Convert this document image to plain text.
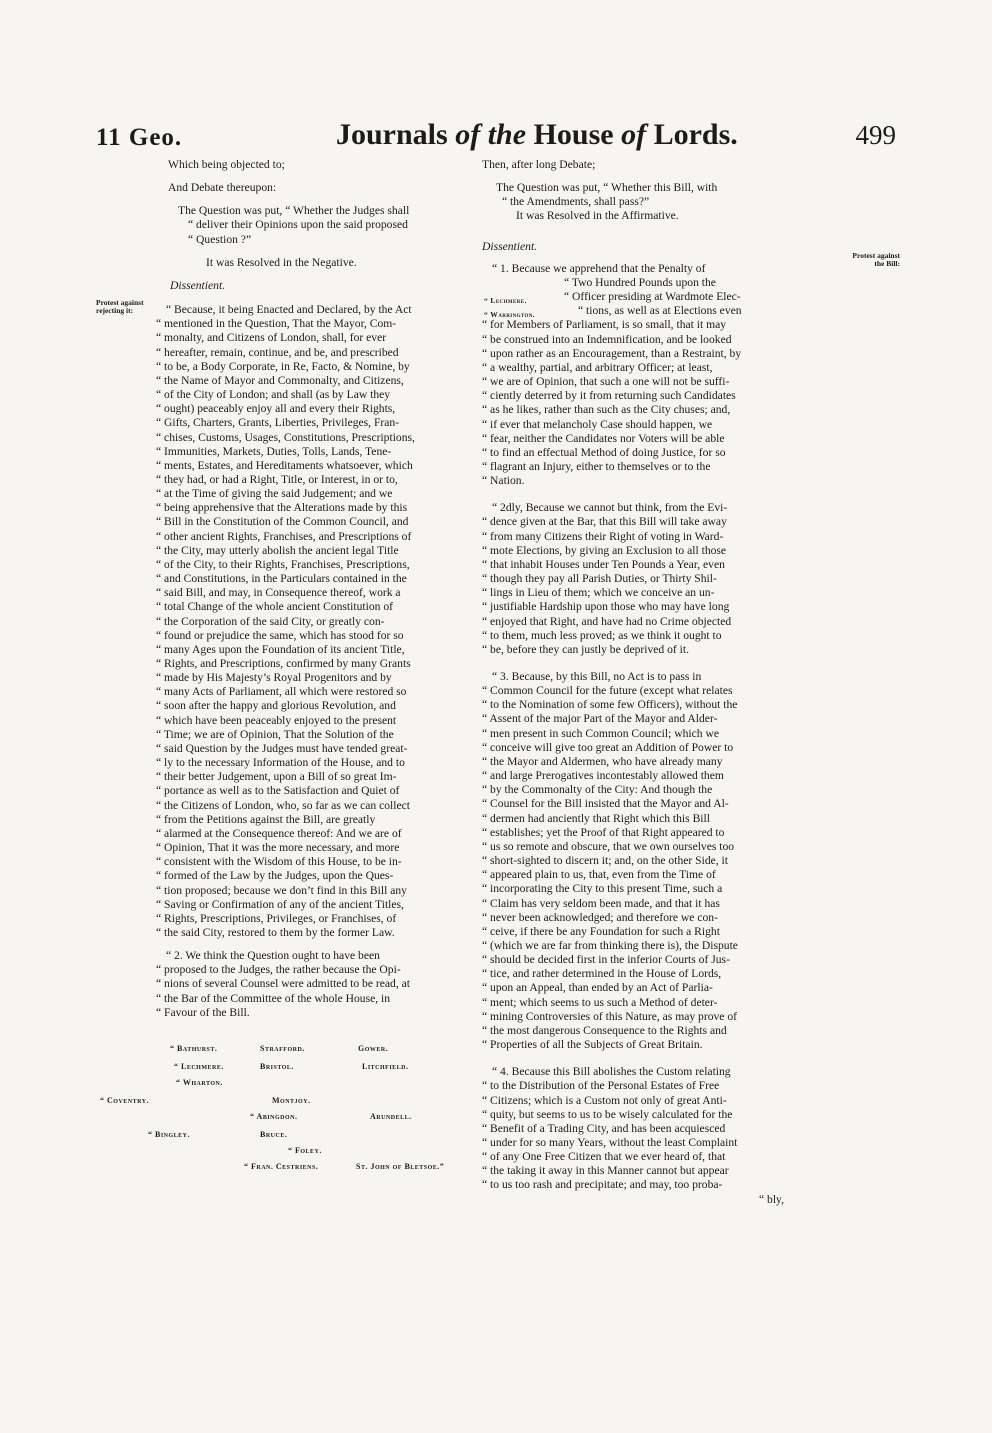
11 Geo.	Journals of the House of Lords.	499

Which being objected to;

And Debate thereupon:

The Question was put, “ Whether the Judges shall

“ deliver their Opinions upon the said proposed

“ Question ?”

It was Resolved in the Negative.

Dissentient.

“ Because, it being Enacted and Declared, by the Act

“ mentioned in the Question, That the Mayor, Com-

“ monalty, and Citizens of London, shall, for ever

“ hereafter, remain, continue, and be, and prescribed

“ to be, a Body Corporate, in Re, Facto, & Nomine, by

“ the Name of Mayor and Commonalty, and Citizens,

“ of the City of London; and shall (as by Law they

“ ought) peaceably enjoy all and every their Rights,

“ Gifts, Charters, Grants, Liberties, Privileges, Fran-

“ chises, Customs, Usages, Constitutions, Prescriptions,

“ Immunities, Markets, Duties, Tolls, Lands, Tene-

“ ments, Estates, and Hereditaments whatsoever, which

“ they had, or had a Right, Title, or Interest, in or to,

“ at the Time of giving the said Judgement; and we

“ being apprehensive that the Alterations made by this

“ Bill in the Constitution of the Common Council, and

“ other ancient Rights, Franchises, and Prescriptions of

“ the City, may utterly abolish the ancient legal Title

“ of the City, to their Rights, Franchises, Prescriptions,

“ and Constitutions, in the Particulars contained in the

“ said Bill, and may, in Consequence thereof, work a

“ total Change of the whole ancient Constitution of

“ the Corporation of the said City, or greatly con-

“ found or prejudice the same, which has stood for so

“ many Ages upon the Foundation of its ancient Title,

“ Rights, and Prescriptions, confirmed by many Grants

“ made by His Majesty’s Royal Progenitors and by

“ many Acts of Parliament, all which were restored so

“ soon after the happy and glorious Revolution, and

“ which have been peaceably enjoyed to the present

“ Time; we are of Opinion, That the Solution of the

“ said Question by the Judges must have tended great-

“ ly to the necessary Information of the House, and to

“ their better Judgement, upon a Bill of so great Im-

“ portance as well as to the Satisfaction and Quiet of

“ the Citizens of London, who, so far as we can collect

“ from the Petitions against the Bill, are greatly

“ alarmed at the Consequence thereof: And we are of

“ Opinion, That it was the more necessary, and more

“ consistent with the Wisdom of this House, to be in-

“ formed of the Law by the Judges, upon the Ques-

“ tion proposed; because we don’t find in this Bill any

“ Saving or Confirmation of any of the ancient Titles,

“ Rights, Prescriptions, Privileges, or Franchises, of

“ the said City, restored to them by the former Law.

“ 2. We think the Question ought to have been

“ proposed to the Judges, the rather because the Opi-

“ nions of several Counsel were admitted to be read, at

“ the Bar of the Committee of the whole House, in

“ Favour of the Bill.

“ Bathurst.	Strafford.	Gower.
“ Lechmere.	Bristol.	Litchfield.
“ Wharton.
“ Coventry.	Montjoy.
“ Abingdon.	Arundell.
“ Bingley.	Bruce.
“ Foley.
“ Fran. Cestriens.	St. John of Bletsoe.”
Protest against rejecting it:

Then, after long Debate;

The Question was put, “ Whether this Bill, with

“ the Amendments, shall pass?”

It was Resolved in the Affirmative.

Dissentient.

“ 1. Because we apprehend that the Penalty of

“ Two Hundred Pounds upon the

“ Officer presiding at Wardmote Elec-

“ tions, as well as at Elections even

“ for Members of Parliament, is so small, that it may

“ be construed into an Indemnification, and be looked

“ upon rather as an Encouragement, than a Restraint, by

“ a wealthy, partial, and arbitrary Officer; at least,

“ we are of Opinion, that such a one will not be suffi-

“ ciently deterred by it from returning such Candidates

“ as he likes, rather than such as the City chuses; and,

“ if ever that melancholy Case should happen, we

“ fear, neither the Candidates nor Voters will be able

“ to find an effectual Method of doing Justice, for so

“ flagrant an Injury, either to themselves or to the

“ Nation.

“ 2dly, Because we cannot but think, from the Evi-

“ dence given at the Bar, that this Bill will take away

“ from many Citizens their Right of voting in Ward-

“ mote Elections, by giving an Exclusion to all those

“ that inhabit Houses under Ten Pounds a Year, even

“ though they pay all Parish Duties, or Thirty Shil-

“ lings in Lieu of them; which we conceive an un-

“ justifiable Hardship upon those who may have long

“ enjoyed that Right, and have had no Crime objected

“ to them, much less proved; as we think it ought to

“ be, before they can justly be deprived of it.

“ 3. Because, by this Bill, no Act is to pass in

“ Common Council for the future (except what relates

“ to the Nomination of some few Officers), without the

“ Assent of the major Part of the Mayor and Alder-

“ men present in such Common Council; which we

“ conceive will give too great an Addition of Power to

“ the Mayor and Aldermen, who have already many

“ and large Prerogatives incontestably allowed them

“ by the Commonalty of the City: And though the

“ Counsel for the Bill insisted that the Mayor and Al-

“ dermen had anciently that Right which this Bill

“ establishes; yet the Proof of that Right appeared to

“ us so remote and obscure, that we own ourselves too

“ short-sighted to discern it; and, on the other Side, it

“ appeared plain to us, that, even from the Time of

“ incorporating the City to this present Time, such a

“ Claim has very seldom been made, and that it has

“ never been acknowledged; and therefore we con-

“ ceive, if there be any Foundation for such a Right

“ (which we are far from thinking there is), the Dispute

“ should be decided first in the inferior Courts of Jus-

“ tice, and rather determined in the House of Lords,

“ upon an Appeal, than ended by an Act of Parlia-

“ ment; which seems to us such a Method of deter-

“ mining Controversies of this Nature, as may prove of

“ the most dangerous Consequence to the Rights and

“ Properties of all the Subjects of Great Britain.

“ 4. Because this Bill abolishes the Custom relating

“ to the Distribution of the Personal Estates of Free

“ Citizens; which is a Custom not only of great Anti-

“ quity, but seems to us to be wisely calculated for the

“ Benefit of a Trading City, and has been acquiesced

“ under for so many Years, without the least Complaint

“ of any One Free Citizen that we ever heard of, that

“ the taking it away in this Manner cannot but appear

“ to us too rash and precipitate; and may, too proba-

“ bly,

“ Lechmere.
“ Warrington.
Protest against the Bill:
